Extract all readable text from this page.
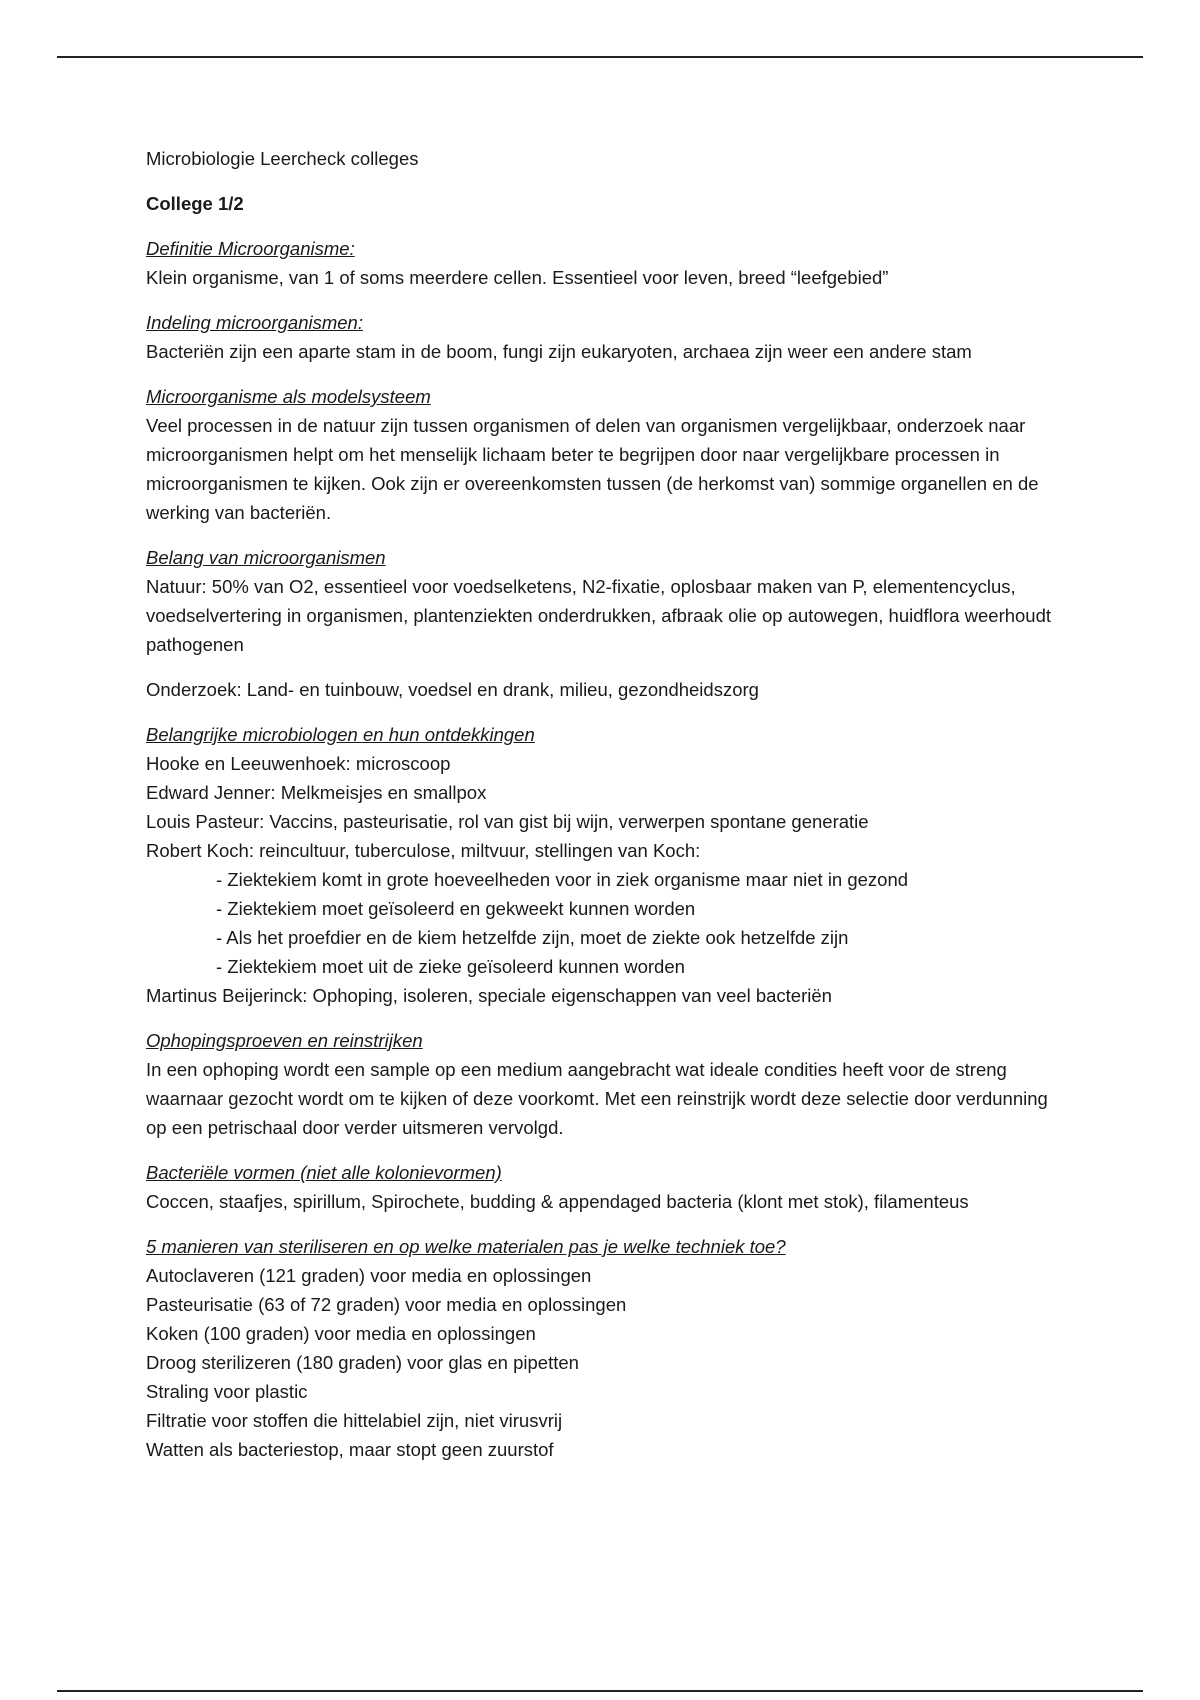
Microbiologie Leercheck colleges
College 1/2
Definitie Microorganisme:
Klein organisme, van 1 of soms meerdere cellen. Essentieel voor leven, breed “leefgebied”
Indeling microorganismen:
Bacteriën zijn een aparte stam in de boom, fungi zijn eukaryoten, archaea zijn weer een andere stam
Microorganisme als modelsysteem
Veel processen in de natuur zijn tussen organismen of delen van organismen vergelijkbaar, onderzoek naar microorganismen helpt om het menselijk lichaam beter te begrijpen door naar vergelijkbare processen in microorganismen te kijken. Ook zijn er overeenkomsten tussen (de herkomst van) sommige organellen en de werking van bacteriën.
Belang van microorganismen
Natuur: 50% van O2, essentieel voor voedselketens, N2-fixatie, oplosbaar maken van P, elementencyclus, voedselvertering in organismen, plantenziekten onderdrukken, afbraak olie op autowegen, huidflora weerhoudt pathogenen
Onderzoek: Land- en tuinbouw, voedsel en drank, milieu, gezondheidszorg
Belangrijke microbiologen en hun ontdekkingen
Hooke en Leeuwenhoek: microscoop
Edward Jenner: Melkmeisjes en smallpox
Louis Pasteur: Vaccins, pasteurisatie, rol van gist bij wijn, verwerpen spontane generatie
Robert Koch: reincultuur, tuberculose, miltvuur, stellingen van Koch:
- Ziektekiem komt in grote hoeveelheden voor in ziek organisme maar niet in gezond
- Ziektekiem moet geïsoleerd en gekweekt kunnen worden
- Als het proefdier en de kiem hetzelfde zijn, moet de ziekte ook hetzelfde zijn
- Ziektekiem moet uit de zieke geïsoleerd kunnen worden
Martinus Beijerinck: Ophoping, isoleren, speciale eigenschappen van veel bacteriën
Ophopingsproeven en reinstrijken
In een ophoping wordt een sample op een medium aangebracht wat ideale condities heeft voor de streng waarnaar gezocht wordt om te kijken of deze voorkomt. Met een reinstrijk wordt deze selectie door verdunning op een petrischaal door verder uitsmeren vervolgd.
Bacteriële vormen (niet alle kolonievormen)
Coccen, staafjes, spirillum, Spirochete, budding & appendaged bacteria (klont met stok), filamenteus
5 manieren van steriliseren en op welke materialen pas je welke techniek toe?
Autoclaveren (121 graden) voor media en oplossingen
Pasteurisatie (63 of 72 graden) voor media en oplossingen
Koken (100 graden) voor media en oplossingen
Droog sterilizeren (180 graden) voor glas en pipetten
Straling voor plastic
Filtratie voor stoffen die hittelabiel zijn, niet virusvrij
Watten als bacteriestop, maar stopt geen zuurstof
